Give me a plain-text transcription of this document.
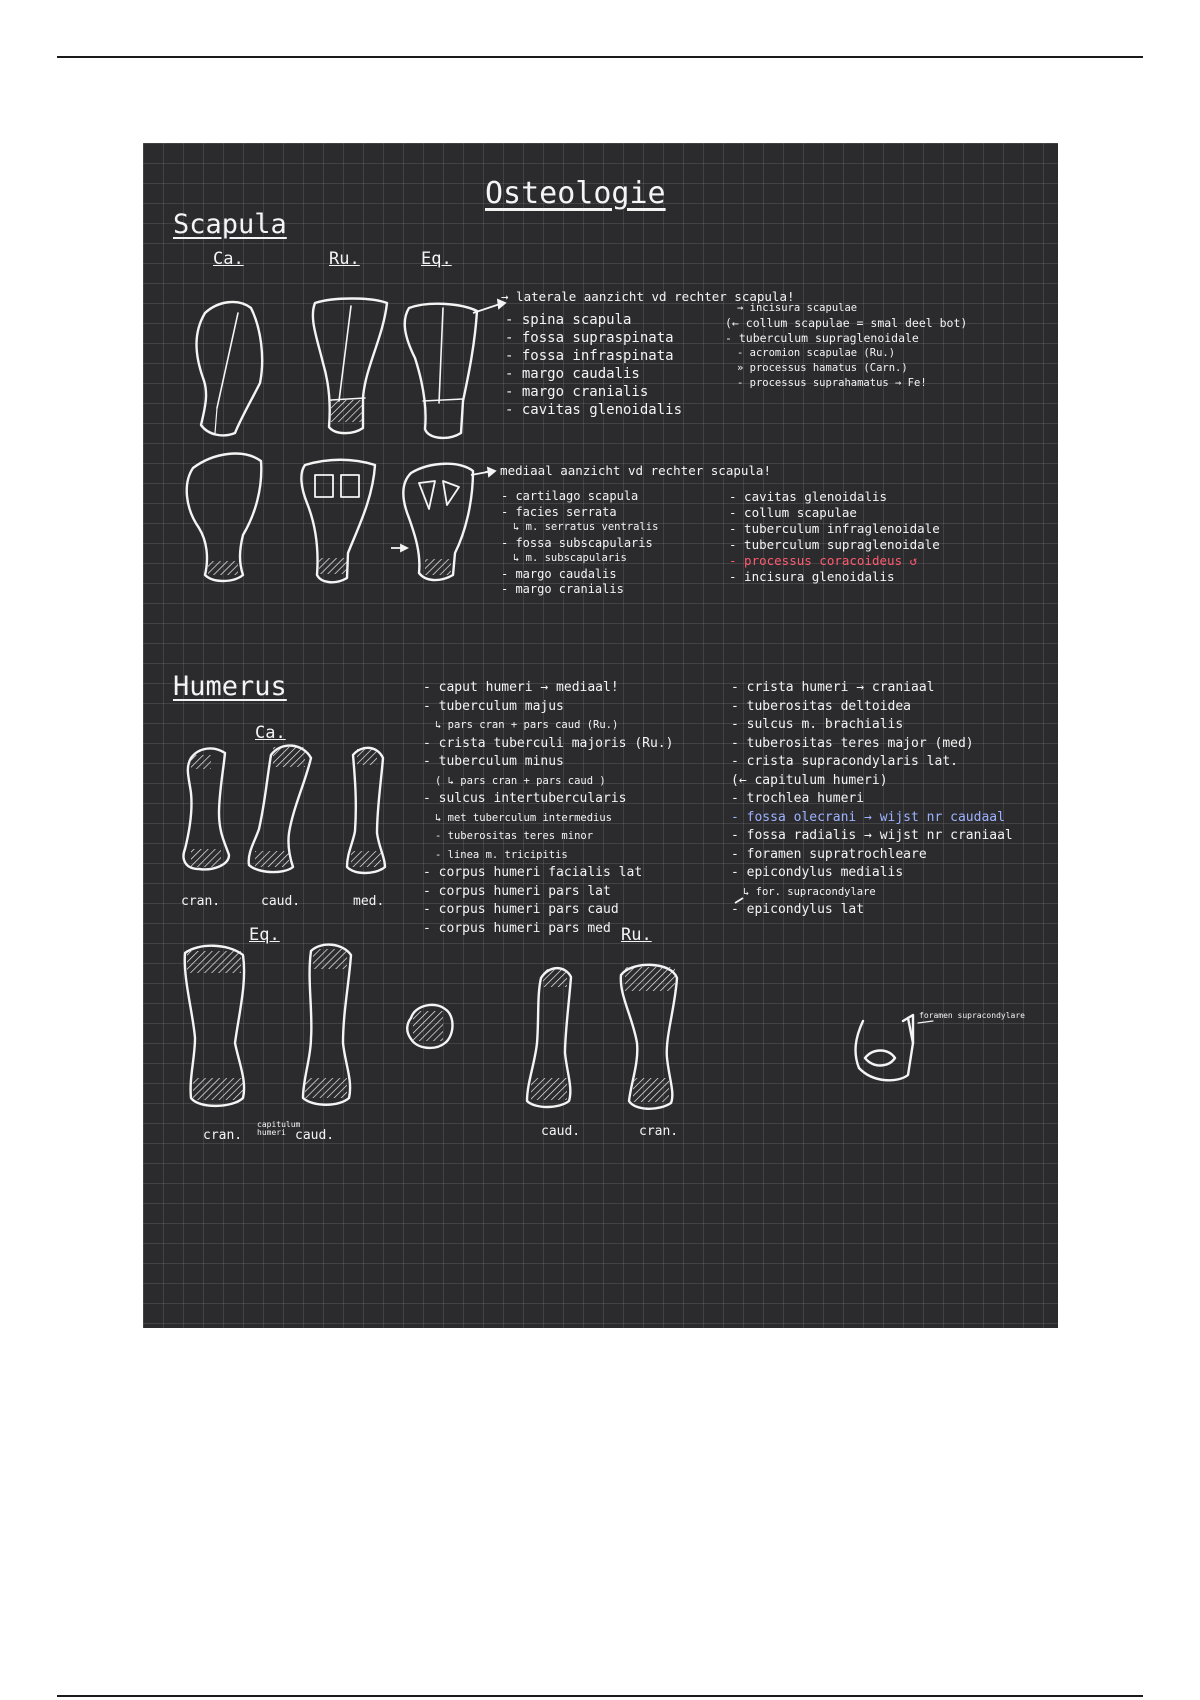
Osteologie
Scapula
Ca.	Ru.	Eq.
→ laterale aanzicht vd rechter scapula!
- spina scapula
- fossa supraspinata
- fossa infraspinata
- margo caudalis
- margo cranialis
- cavitas glenoidalis
→ incisura scapulae
(← collum scapulae = smal deel bot)
- tuberculum supraglenoidale
- acromion scapulae (Ru.)
» processus hamatus (Carn.)
- processus suprahamatus → Fe!
→ mediaal aanzicht vd rechter scapula!
- cartilago scapula
- facies serrata
↳ m. serratus ventralis
- fossa subscapularis
↳ m. subscapularis
- margo caudalis
- margo cranialis
- cavitas glenoidalis
- collum scapulae
- tuberculum infraglenoidale
- tuberculum supraglenoidale
- processus coracoideus ↺
- incisura glenoidalis
Humerus
Ca.
cran.	caud.	med.
- caput humeri → mediaal!
- tuberculum majus
↳ pars cran + pars caud (Ru.)
- crista tuberculi majoris (Ru.)
- tuberculum minus
( ↳ pars cran + pars caud )
- sulcus intertubercularis
↳ met tuberculum intermedius
- tuberositas teres minor
- linea m. tricipitis
- corpus humeri facialis lat
- corpus humeri pars lat
- corpus humeri pars caud
- corpus humeri pars med
- crista humeri → craniaal
- tuberositas deltoidea
- sulcus m. brachialis
- tuberositas teres major (med)
- crista supracondylaris lat.
(← capitulum humeri)
- trochlea humeri
- fossa olecrani → wijst nr caudaal
- fossa radialis → wijst nr craniaal
- foramen supratrochleare
- epicondylus medialis
↳ for. supracondylare
- epicondylus lat
Eq.
cran.
capitulum humeri caud.
Ru.
caud.	cran.
foramen supracondylare
